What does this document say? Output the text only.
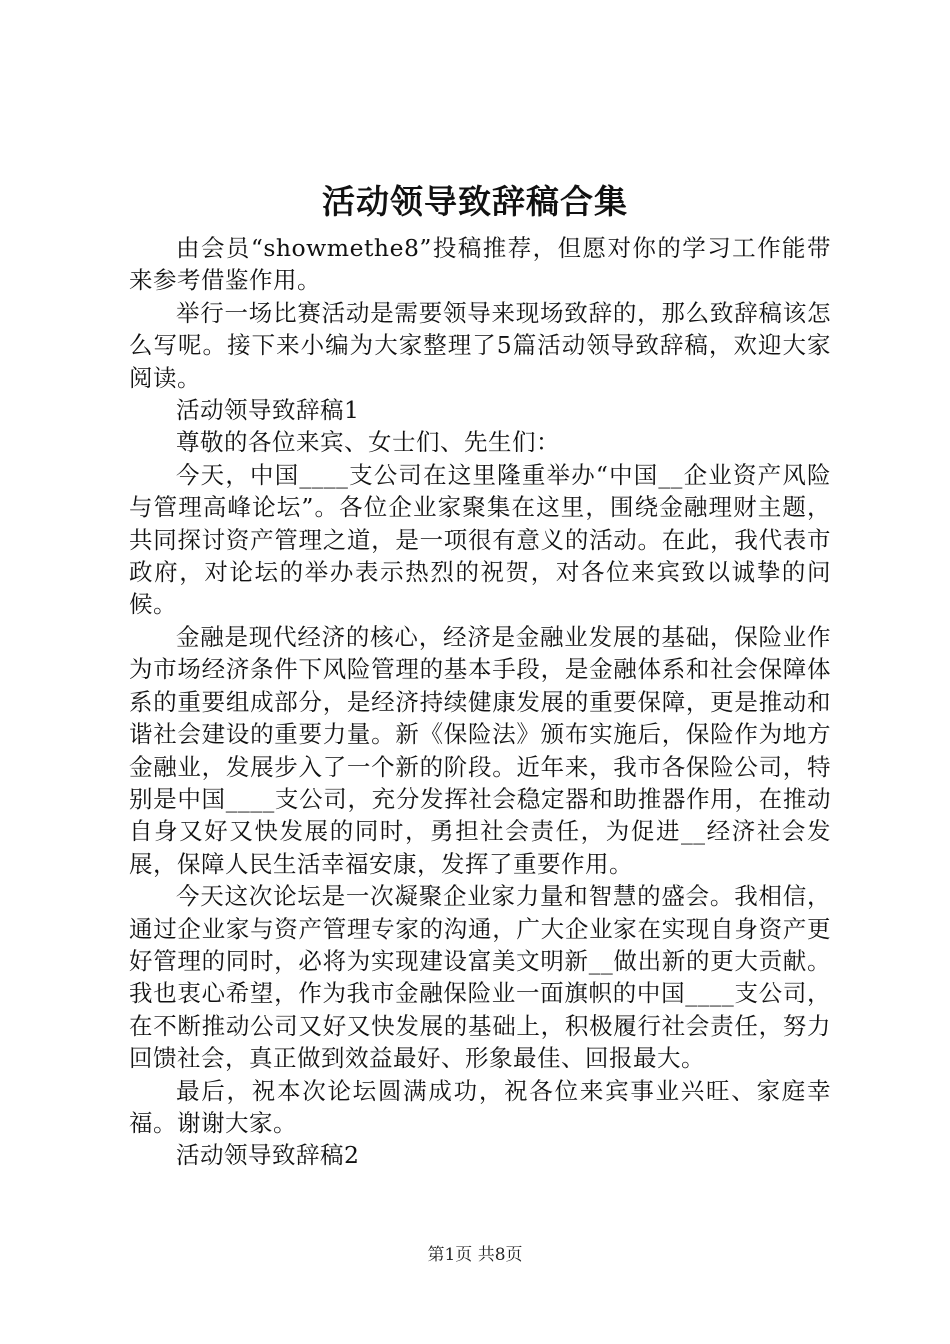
活动领导致辞稿合集

由会员“showmethe8”投稿推荐，但愿对你的学习工作能带来参考借鉴作用。

举行一场比赛活动是需要领导来现场致辞的，那么致辞稿该怎么写呢。接下来小编为大家整理了5篇活动领导致辞稿，欢迎大家阅读。

活动领导致辞稿1

尊敬的各位来宾、女士们、先生们：

今天，中国____支公司在这里隆重举办“中国__企业资产风险与管理高峰论坛”。各位企业家聚集在这里，围绕金融理财主题，共同探讨资产管理之道，是一项很有意义的活动。在此，我代表市政府，对论坛的举办表示热烈的祝贺，对各位来宾致以诚挚的问候。

金融是现代经济的核心，经济是金融业发展的基础，保险业作为市场经济条件下风险管理的基本手段，是金融体系和社会保障体系的重要组成部分，是经济持续健康发展的重要保障，更是推动和谐社会建设的重要力量。新《保险法》颁布实施后，保险作为地方金融业，发展步入了一个新的阶段。近年来，我市各保险公司，特别是中国____支公司，充分发挥社会稳定器和助推器作用，在推动自身又好又快发展的同时，勇担社会责任，为促进__经济社会发展，保障人民生活幸福安康，发挥了重要作用。

今天这次论坛是一次凝聚企业家力量和智慧的盛会。我相信，通过企业家与资产管理专家的沟通，广大企业家在实现自身资产更好管理的同时，必将为实现建设富美文明新__做出新的更大贡献。我也衷心希望，作为我市金融保险业一面旗帜的中国____支公司，在不断推动公司又好又快发展的基础上，积极履行社会责任，努力回馈社会，真正做到效益最好、形象最佳、回报最大。

最后，祝本次论坛圆满成功，祝各位来宾事业兴旺、家庭幸福。谢谢大家。

活动领导致辞稿2

第1页 共8页
